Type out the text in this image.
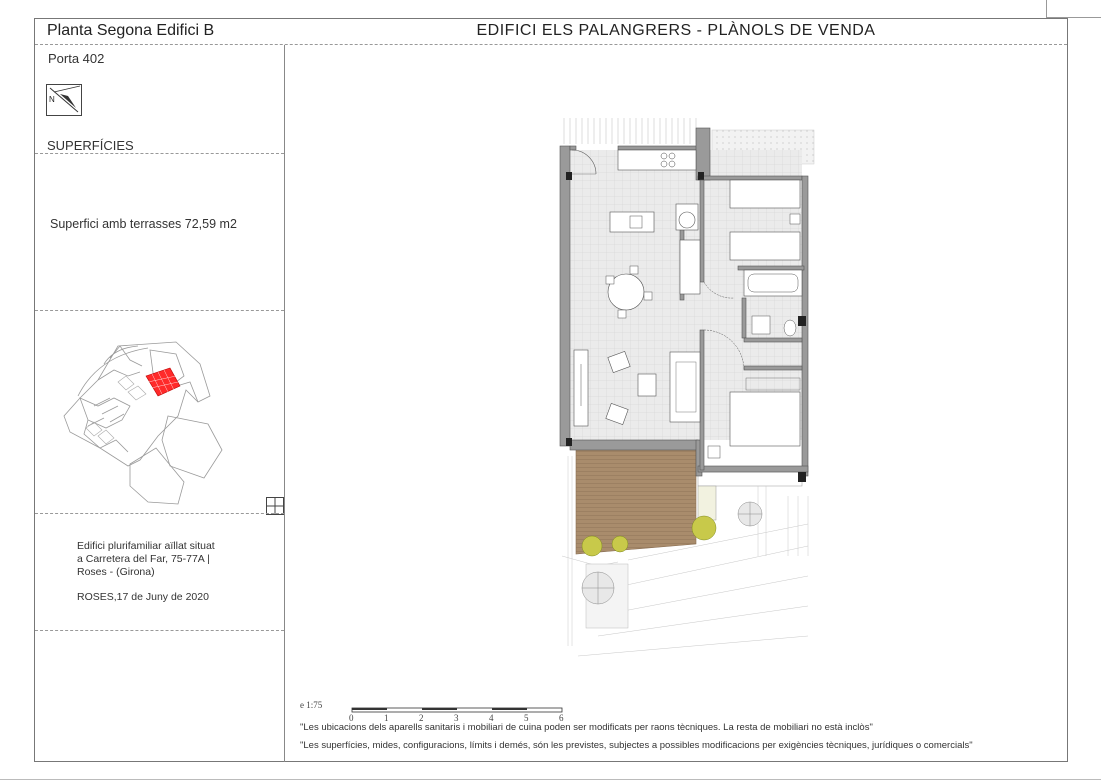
Planta Segona Edifici B	EDIFICI ELS PALANGRERS - PLÀNOLS DE VENDA
Porta 402
N
SUPERFÍCIES
Superfici amb terrasses 72,59 m2
Edifici plurifamiliar aïllat situat
a Carretera del Far, 75-77A |
Roses - (Girona)
ROSES,17 de Juny de 2020
e 1:75
0	1	2	3	4	5	6
"Les ubicacions dels aparells sanitaris i mobiliari de cuina poden ser modificats per raons tècniques. La resta de mobiliari no està inclòs"
"Les superfícies, mides, configuracions, límits i demés, són les previstes, subjectes a possibles modificacions per exigències tècniques, jurídiques o comercials"
